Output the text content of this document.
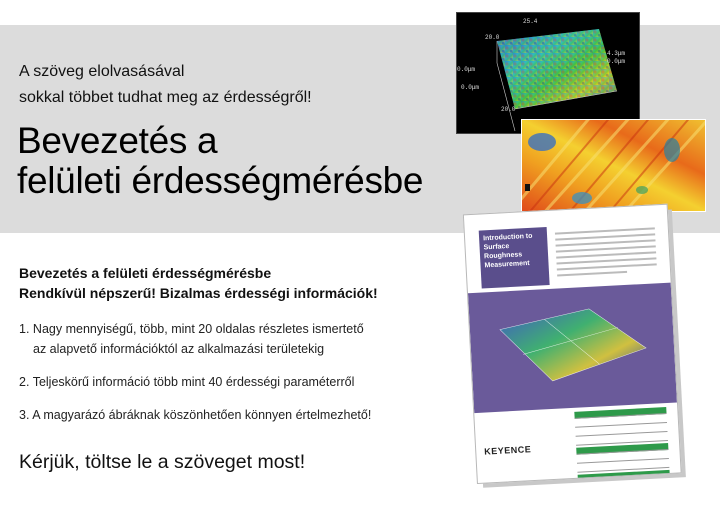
A szöveg elolvasásával
sokkal többet tudhat meg az érdességről!
Bevezetés a
felületi érdességmérésbe
25.4
20.0
0.0μm
4.3μm
0.0μm
0.0μm
20.0
Introduction to Surface Roughness Measurement
KEYENCE
Bevezetés a felületi érdességmérésbe
Rendkívül népszerű! Bizalmas érdességi információk!
1. Nagy mennyiségű, több, mint 20 oldalas részletes ismertető
az alapvető információktól az alkalmazási területekig
2. Teljeskörű információ több mint 40 érdességi paraméterről
3. A magyarázó ábráknak köszönhetően könnyen értelmezhető!
Kérjük, töltse le a szöveget most!
